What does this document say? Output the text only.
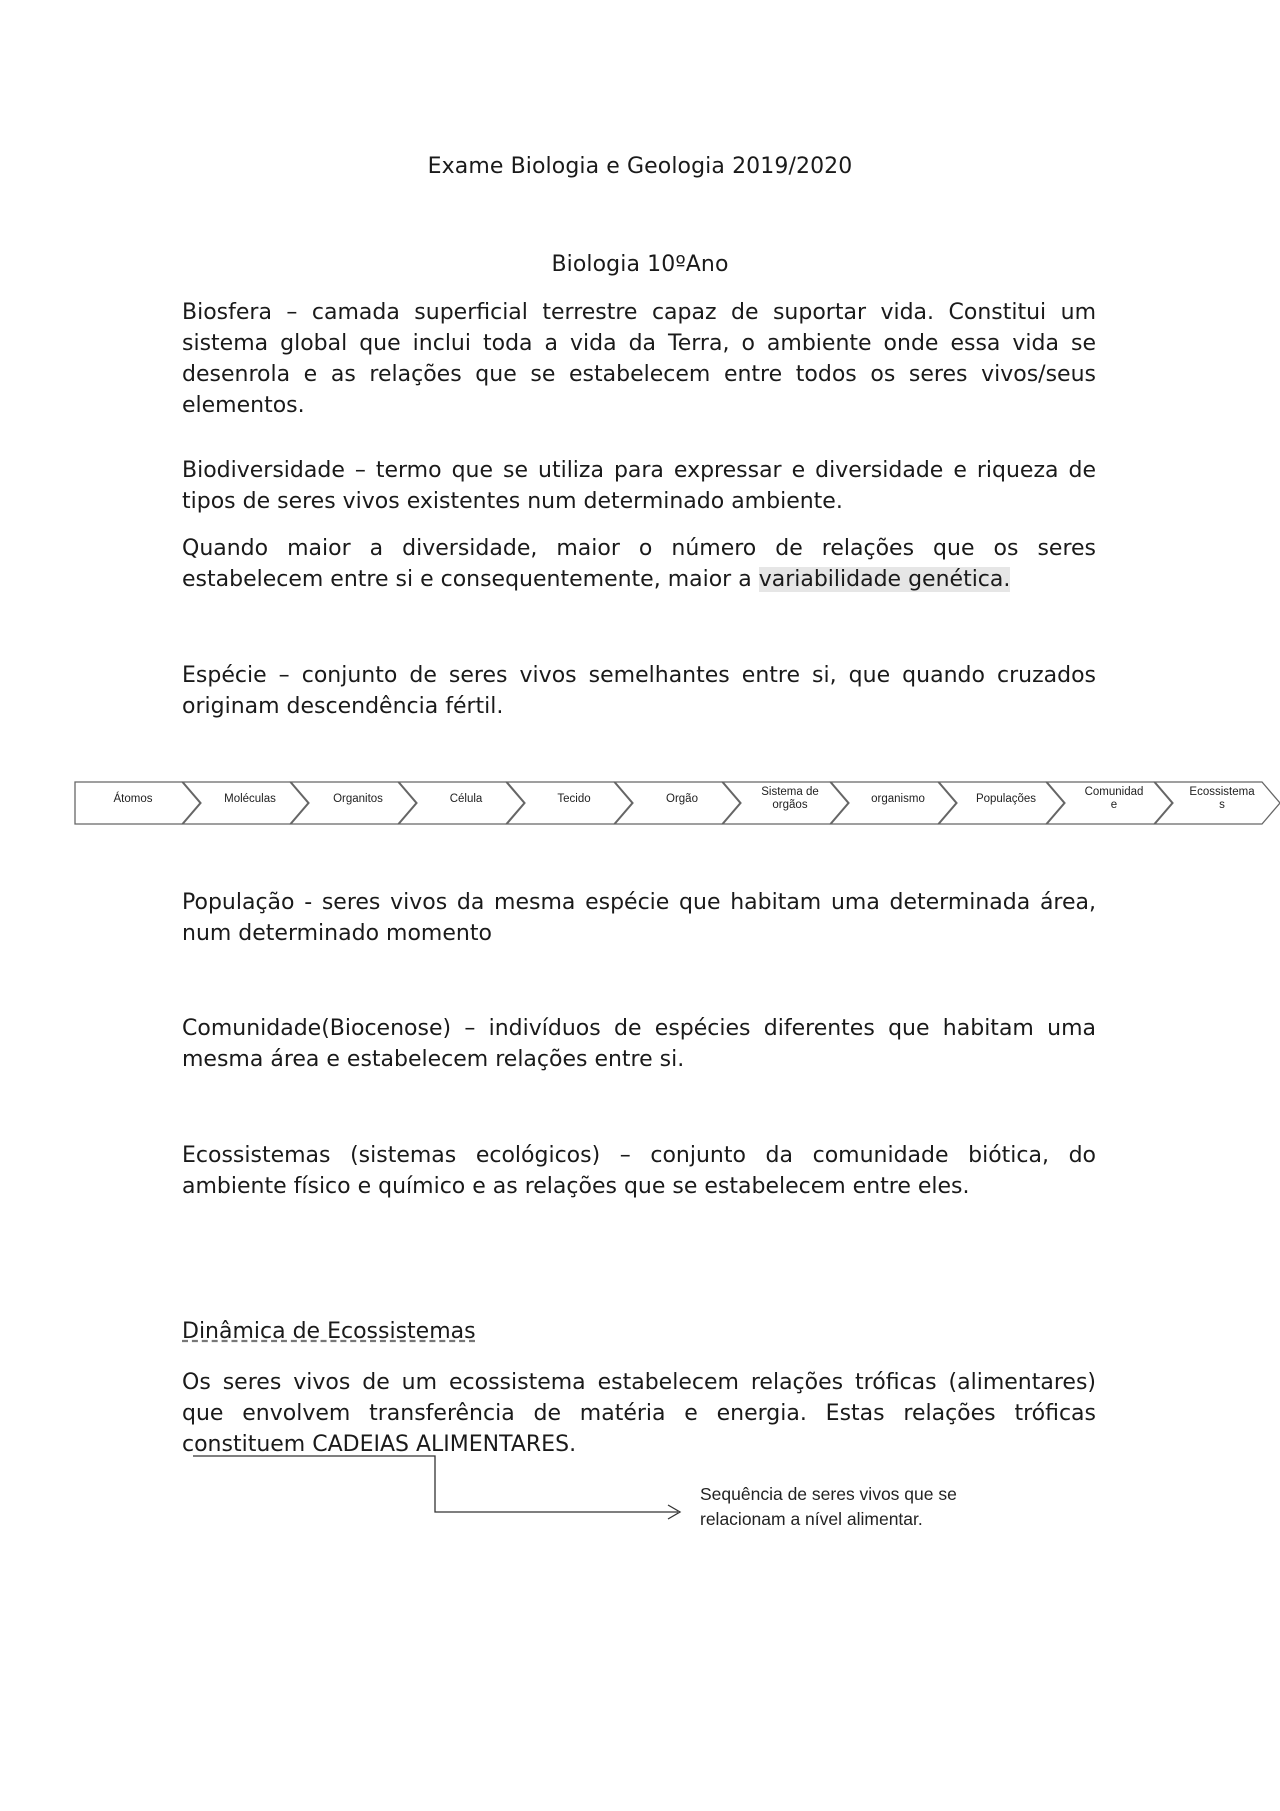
Exame Biologia e Geologia 2019/2020
Biologia 10ºAno

Biosfera – camada superficial terrestre capaz de suportar vida. Constitui um sistema global que inclui toda a vida da Terra, o ambiente onde essa vida se desenrola e as relações que se estabelecem entre todos os seres vivos/seus elementos.

Biodiversidade – termo que se utiliza para expressar e diversidade e riqueza de tipos de seres vivos existentes num determinado ambiente.

Quando maior a diversidade, maior o número de relações que os seres estabelecem entre si e consequentemente, maior a variabilidade genética.

Espécie – conjunto de seres vivos semelhantes entre si, que quando cruzados originam descendência fértil.

Átomos	Moléculas	Organitos	Célula	Tecido	Orgão
Sistema de
orgãos
organismo	Populações
Comunidad
e
Ecossistema
s

População - seres vivos da mesma espécie que habitam uma determinada área, num determinado momento

Comunidade(Biocenose) – indivíduos de espécies diferentes que habitam uma mesma área e estabelecem relações entre si.

Ecossistemas (sistemas ecológicos) – conjunto da comunidade biótica, do ambiente físico e químico e as relações que se estabelecem entre eles.

Dinâmica de Ecossistemas

Os seres vivos de um ecossistema estabelecem relações tróficas (alimentares) que envolvem transferência de matéria e energia. Estas relações tróficas constituem CADEIAS ALIMENTARES.

Sequência de seres vivos que se
relacionam a nível alimentar.
